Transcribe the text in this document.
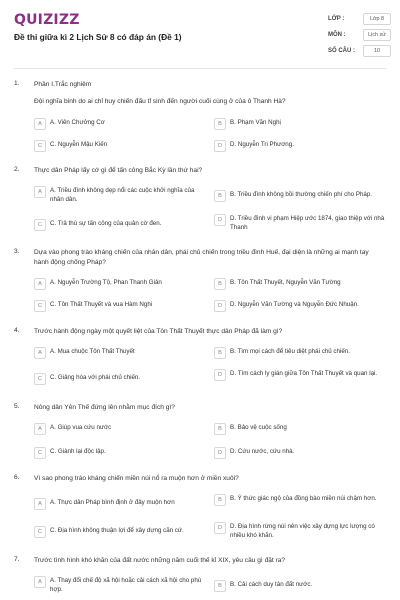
QUIZIZZ
Đề thi giữa kì 2 Lịch Sử 8 có đáp án (Đề 1)
LỚP :	Lớp 8
MÔN :	Lịch sử
SỐ CÂU :	10
1. Phần I.Trắc nghiệm
Đội nghĩa binh do ai chỉ huy chiến đấu tỉ sinh đến người cuối cùng ở của ô Thanh Hà?
A	A. Viên Chưởng Cơ	B	B. Phạm Văn Nghị
C	C. Nguyễn Mậu Kiến	D	D. Nguyễn Tri Phương.
2. Thực dân Pháp lấy cớ gì để tấn công Bắc Kỳ lần thứ hai?
A	A. Triều đình không dẹp nổi các cuộc khởi nghĩa của nhân dân.	B	B. Triều đình không bồi thường chiến phí cho Pháp.
C	C. Trả thù sự tấn công của quân cờ đen.	D	D. Triều đình vi phạm Hiệp ước 1874, giao thiệp với nhà Thanh
3. Dựa vào phong trào kháng chiến của nhân dân, phái chủ chiến trong triều đình Huế, đại diện là những ai mạnh tay hành động chống Pháp?
A	A. Nguyễn Trường Tộ, Phan Thanh Giản	B	B. Tôn Thất Thuyết, Nguyễn Văn Tường
C	C. Tôn Thất Thuyết và vua Hàm Nghi	D	D. Nguyễn Văn Tường và Nguyễn Đức Nhuận.
4. Trước hành động ngày một quyết liệt của Tôn Thất Thuyết thực dân Pháp đã làm gì?
A	A. Mua chuộc Tôn Thất Thuyết	B	B. Tìm mọi cách để tiêu diệt phái chủ chiến.
C	C. Giảng hòa với phái chủ chiến.	D	D. Tìm cách ly gián giữa Tôn Thất Thuyết và quan lại.
5. Nông dân Yên Thế đứng lên nhằm mục đích gì?
A	A. Giúp vua cứu nước	B	B. Bảo vệ cuộc sống
C	C. Giành lại độc lập.	D	D. Cứu nước, cứu nhà.
6. Vì sao phong trào kháng chiến miền núi nổ ra muộn hơn ở miền xuôi?
A	A. Thực dân Pháp bình định ở đây muộn hơn	B	B. Ý thức giác ngộ của đồng bào miền núi chậm hơn.
C	C. Địa hình không thuận lợi để xây dựng căn cứ.	D	D. Địa hình rừng núi nên việc xây dựng lực lượng có nhiều khó khăn.
7. Trước tình hình khó khăn của đất nước những năm cuối thế kỉ XIX, yêu cầu gì đặt ra?
A	A. Thay đổi chế độ xã hội hoặc cải cách xã hội cho phù hợp.	B	B. Cải cách duy tân đất nước.
